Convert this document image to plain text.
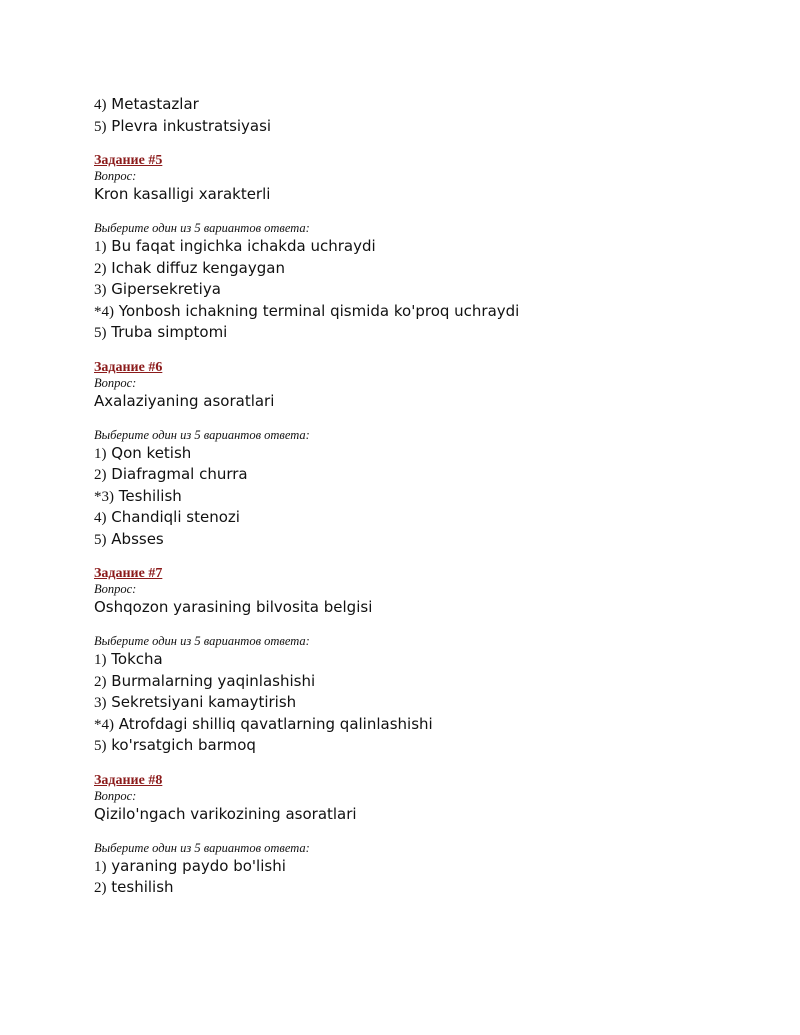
4) Metastazlar
5) Plevra inkustratsiyasi
Задание #5
Вопрос:
Kron kasalligi xarakterli
Выберите один из 5 вариантов ответа:
1) Bu faqat ingichka ichakda uchraydi
2) Ichak diffuz kengaygan
3) Gipersekretiya
*4) Yonbosh ichakning terminal qismida ko'proq uchraydi
5) Truba simptomi
Задание #6
Вопрос:
Axalaziyaning asoratlari
Выберите один из 5 вариантов ответа:
1) Qon ketish
2) Diafragmal churra
*3) Teshilish
4) Chandiqli stenozi
5) Absses
Задание #7
Вопрос:
Oshqozon yarasining bilvosita belgisi
Выберите один из 5 вариантов ответа:
1) Tokcha
2) Burmalarning yaqinlashishi
3) Sekretsiyani kamaytirish
*4) Atrofdagi shilliq qavatlarning qalinlashishi
5) ko'rsatgich barmoq
Задание #8
Вопрос:
Qizilo'ngach varikozining asoratlari
Выберите один из 5 вариантов ответа:
1) yaraning paydo bo'lishi
2) teshilish
